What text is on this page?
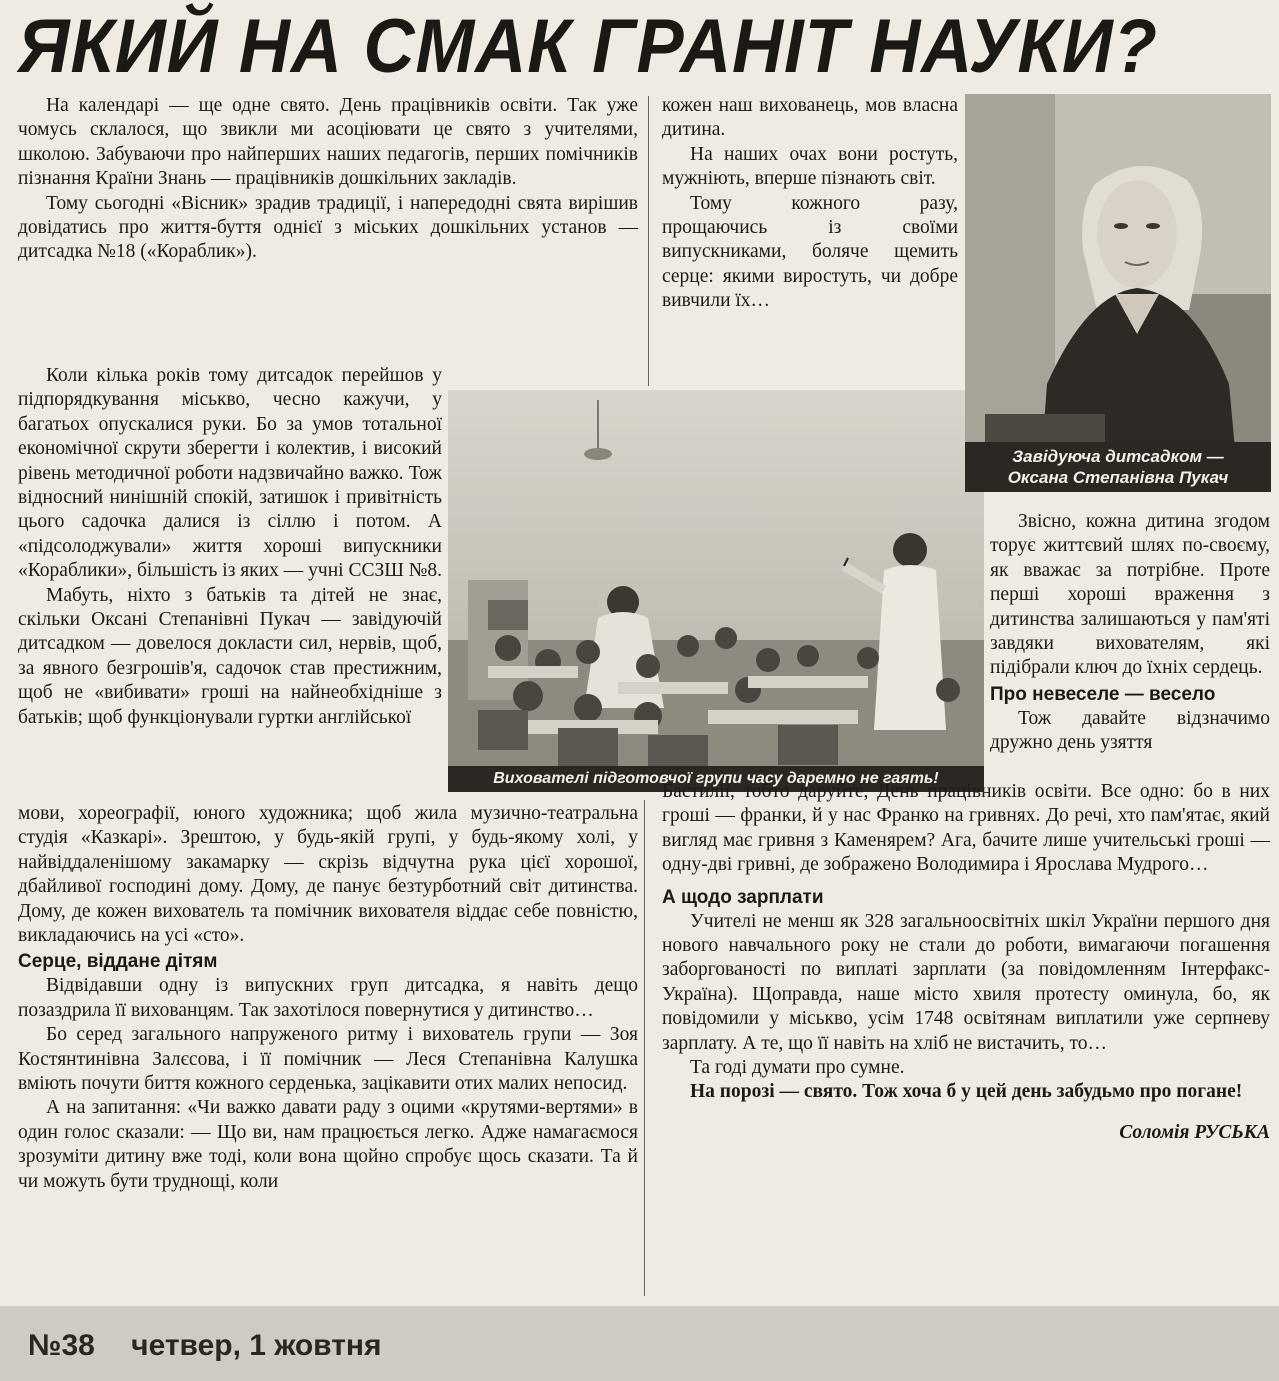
ЯКИЙ НА СМАК ГРАНІТ НАУКИ?

На календарі — ще одне свято. День працівників освіти. Так уже чомусь склалося, що звикли ми асоціювати це свято з учителями, школою. Забуваючи про найперших наших педагогів, перших помічників пізнання Країни Знань — працівників дошкільних закладів.

Тому сьогодні «Вісник» зрадив традиції, і напередодні свята вирішив довідатись про життя-буття однієї з міських дошкільних установ — дитсадка №18 («Кораблик»).

Коли кілька років тому дитсадок перейшов у підпорядкування міськво, чесно кажучи, у багатьох опускалися руки. Бо за умов тотальної економічної скрути зберегти і колектив, і високий рівень методичної роботи надзвичайно важко. Тож відносний нинішній спокій, затишок і привітність цього садочка далися із сіллю і потом. А «підсолоджували» життя хороші випускники «Кораблики», більшість із яких — учні ССЗШ №8.

Мабуть, ніхто з батьків та дітей не знає, скільки Оксані Степанівні Пукач — завідуючій дитсадком — довелося докласти сил, нервів, щоб, за явного безгрошів'я, садочок став престижним, щоб не «вибивати» гроші на найнеобхідніше з батьків; щоб функціонували гуртки англійської

мови, хореографії, юного художника; щоб жила музично-театральна студія «Казкарі». Зрештою, у будь-якій групі, у будь-якому холі, у найвіддаленішому закамарку — скрізь відчутна рука цієї хорошої, дбайливої господині дому. Дому, де панує безтурботний світ дитинства. Дому, де кожен вихователь та помічник вихователя віддає себе повністю, викладаючись на усі «сто».

Серце, віддане дітям

Відвідавши одну із випускних груп дитсадка, я навіть дещо позаздрила її вихованцям. Так захотілося повернутися у дитинство…

Бо серед загального напруженого ритму і вихователь групи — Зоя Костянтинівна Залєсова, і її помічник — Леся Степанівна Калушка вміють почути биття кожного серденька, зацікавити отих малих непосид.

А на запитання: «Чи важко давати раду з оцими «крутями-вертями» в один голос сказали: — Що ви, нам працюється легко. Адже намагаємося зрозуміти дитину вже тоді, коли вона щойно спробує щось сказати. Та й чи можуть бути труднощі, коли

кожен наш вихованець, мов власна дитина.

На наших очах вони ростуть, мужніють, вперше пізнають світ.

Тому кожного разу, прощаючись із своїми випускниками, боляче щемить серце: якими виростуть, чи добре вивчили їх…

Вихователі підготовчої групи часу даремно не гаять!
Завідуюча дитсадком —
Оксана Степанівна Пукач

Звісно, кожна дитина згодом торує життєвий шлях по-своєму, як вважає за потрібне. Проте перші хороші враження з дитинства залишаються у пам'яті завдяки вихователям, які підібрали ключ до їхніх сердець.

Про невеселе — весело

Тож давайте відзначимо дружно день узяття

Бастилії, тобто даруйте, День працівників освіти. Все одно: бо в них гроші — франки, й у нас Франко на гривнях. До речі, хто пам'ятає, який вигляд має гривня з Каменярем? Ага, бачите лише учительські гроші — одну-дві гривні, де зображено Володимира і Ярослава Мудрого…

А щодо зарплати

Учителі не менш як 328 загальноосвітніх шкіл України першого дня нового навчального року не стали до роботи, вимагаючи погашення заборгованості по виплаті зарплати (за повідомленням Інтерфакс-Україна). Щоправда, наше місто хвиля протесту оминула, бо, як повідомили у міськво, усім 1748 освітянам виплатили уже серпневу зарплату. А те, що її навіть на хліб не вистачить, то…

Та годі думати про сумне.

На порозі — свято. Тож хоча б у цей день забудьмо про погане!

Соломія РУСЬКА

№38 четвер, 1 жовтня
